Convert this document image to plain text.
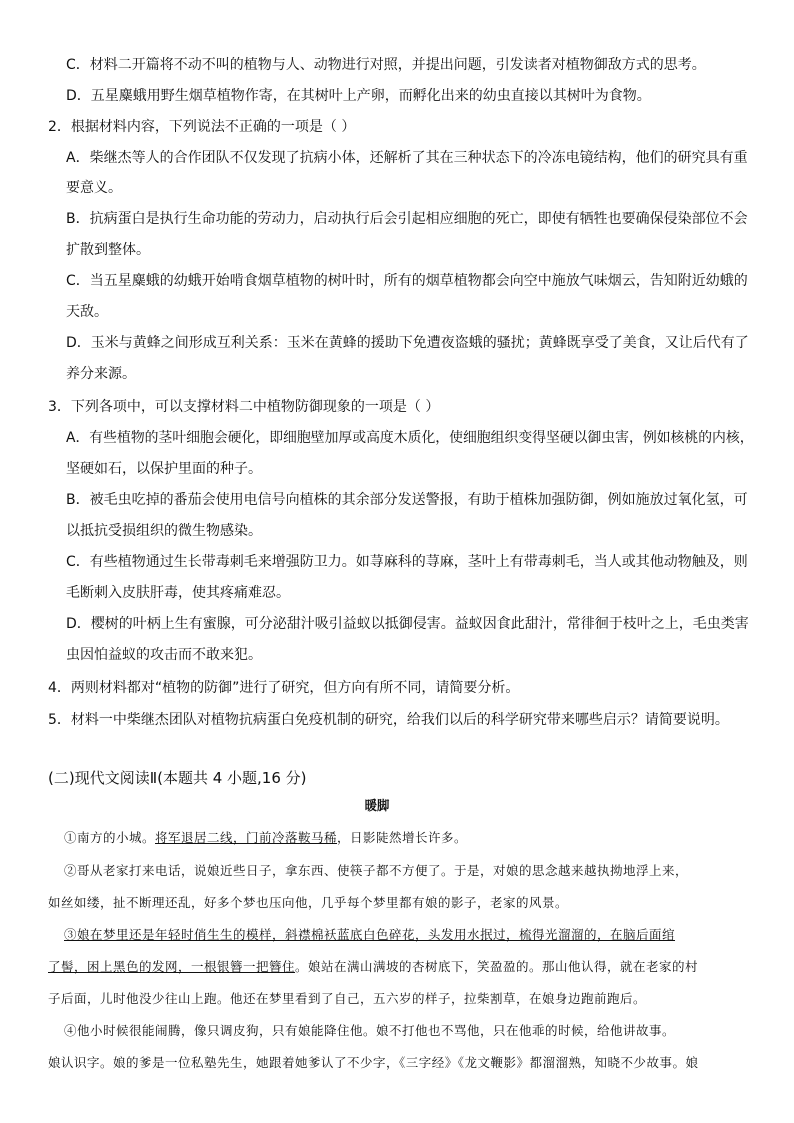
C．材料二开篇将不动不叫的植物与人、动物进行对照，并提出问题，引发读者对植物御敌方式的思考。
D．五星麋蛾用野生烟草植物作寄，在其树叶上产卵，而孵化出来的幼虫直接以其树叶为食物。
2．根据材料内容，下列说法不正确的一项是（ ）
A．柴继杰等人的合作团队不仅发现了抗病小体，还解析了其在三种状态下的冷冻电镜结构，他们的研究具有重
要意义。
B．抗病蛋白是执行生命功能的劳动力，启动执行后会引起相应细胞的死亡，即使有牺牲也要确保侵染部位不会
扩散到整体。
C．当五星麋蛾的幼蛾开始啃食烟草植物的树叶时，所有的烟草植物都会向空中施放气味烟云，告知附近幼蛾的
天敌。
D．玉米与黄蜂之间形成互利关系：玉米在黄蜂的援助下免遭夜盗蛾的骚扰；黄蜂既享受了美食，又让后代有了
养分来源。
3．下列各项中，可以支撑材料二中植物防御现象的一项是（ ）
A．有些植物的茎叶细胞会硬化，即细胞壁加厚或高度木质化，使细胞组织变得坚硬以御虫害，例如核桃的内核，
坚硬如石，以保护里面的种子。
B．被毛虫吃掉的番茄会使用电信号向植株的其余部分发送警报，有助于植株加强防御，例如施放过氧化氢，可
以抵抗受损组织的微生物感染。
C．有些植物通过生长带毒刺毛来增强防卫力。如荨麻科的荨麻，茎叶上有带毒刺毛，当人或其他动物触及，则
毛断刺入皮肤肝毒，使其疼痛难忍。
D．樱树的叶柄上生有蜜腺，可分泌甜汁吸引益蚁以抵御侵害。益蚁因食此甜汁，常徘徊于枝叶之上，毛虫类害
虫因怕益蚁的攻击而不敢来犯。
4．两则材料都对“植物的防御”进行了研究，但方向有所不同，请简要分析。
5．材料一中柴继杰团队对植物抗病蛋白免疫机制的研究，给我们以后的科学研究带来哪些启示？请简要说明。
(二)现代文阅读Ⅱ(本题共 4 小题,16 分)
暖脚
①南方的小城。将军退居二线，门前冷落鞍马稀，日影陡然增长许多。
②哥从老家打来电话，说娘近些日子，拿东西、使筷子都不方便了。于是，对娘的思念越来越执拗地浮上来，
如丝如缕，扯不断理还乱，好多个梦也压向他，几乎每个梦里都有娘的影子，老家的风景。
③娘在梦里还是年轻时俏生生的模样，斜襟棉袄蓝底白色碎花，头发用水抿过，梳得光溜溜的，在脑后面绾
了髻，困上黑色的发网，一根银簪一把簪住。娘站在满山满坡的杏树底下，笑盈盈的。那山他认得，就在老家的村
子后面，儿时他没少往山上跑。他还在梦里看到了自己，五六岁的样子，拉柴割草，在娘身边跑前跑后。
④他小时候很能闹腾，像只调皮狗，只有娘能降住他。娘不打他也不骂他，只在他乖的时候，给他讲故事。
娘认识字。娘的爹是一位私塾先生，她跟着她爹认了不少字，《三字经》《龙文鞭影》都溜溜熟，知晓不少故事。娘
